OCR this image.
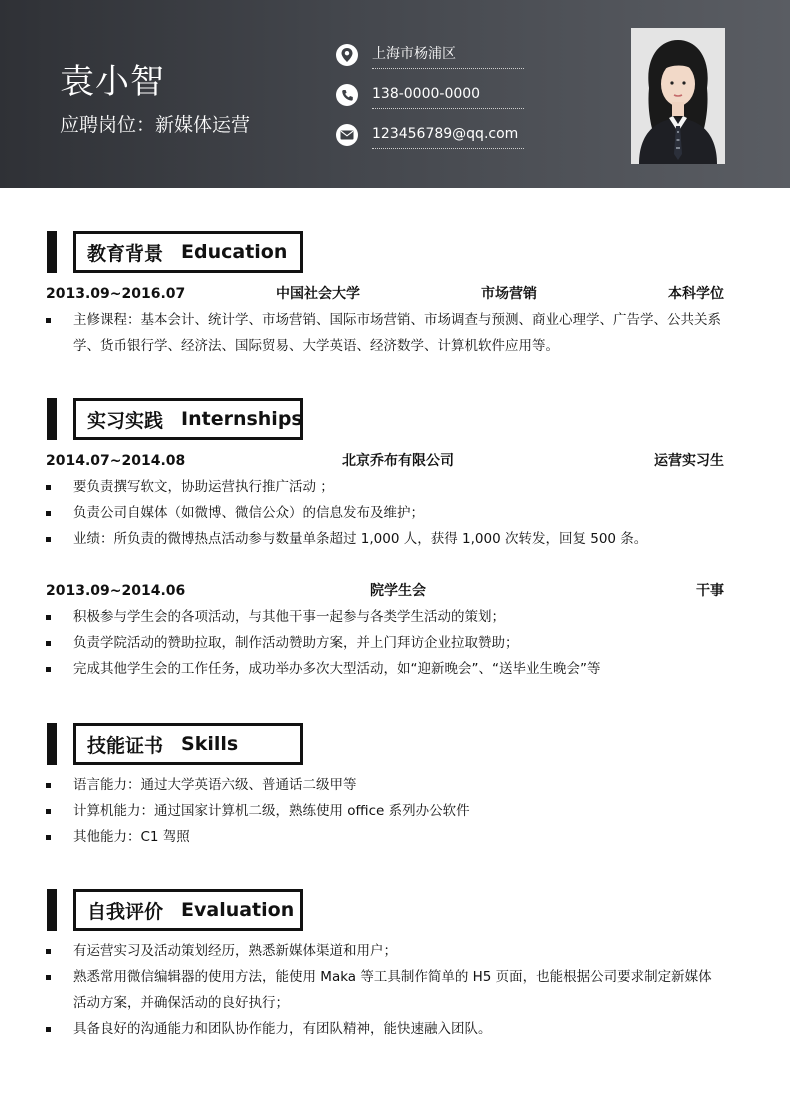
袁小智
应聘岗位：新媒体运营
上海市杨浦区
138-0000-0000
123456789@qq.com
教育背景 Education
2013.09~2016.07	中国社会大学	市场营销	本科学位
主修课程：基本会计、统计学、市场营销、国际市场营销、市场调查与预测、商业心理学、广告学、公共关系学、货币银行学、经济法、国际贸易、大学英语、经济数学、计算机软件应用等。
实习实践 Internships
2014.07~2014.08	北京乔布有限公司	运营实习生
要负责撰写软文，协助运营执行推广活动 ；
负责公司自媒体（如微博、微信公众）的信息发布及维护；
业绩：所负责的微博热点活动参与数量单条超过 1,000 人，获得 1,000 次转发，回复 500 条。
2013.09~2014.06	院学生会	干事
积极参与学生会的各项活动，与其他干事一起参与各类学生活动的策划；
负责学院活动的赞助拉取，制作活动赞助方案，并上门拜访企业拉取赞助；
完成其他学生会的工作任务，成功举办多次大型活动，如“迎新晚会”、“送毕业生晚会”等
技能证书 Skills
语言能力：通过大学英语六级、普通话二级甲等
计算机能力：通过国家计算机二级，熟练使用 office 系列办公软件
其他能力：C1 驾照
自我评价 Evaluation
有运营实习及活动策划经历，熟悉新媒体渠道和用户；
熟悉常用微信编辑器的使用方法，能使用 Maka 等工具制作简单的 H5 页面，也能根据公司要求制定新媒体活动方案，并确保活动的良好执行；
具备良好的沟通能力和团队协作能力，有团队精神，能快速融入团队。
